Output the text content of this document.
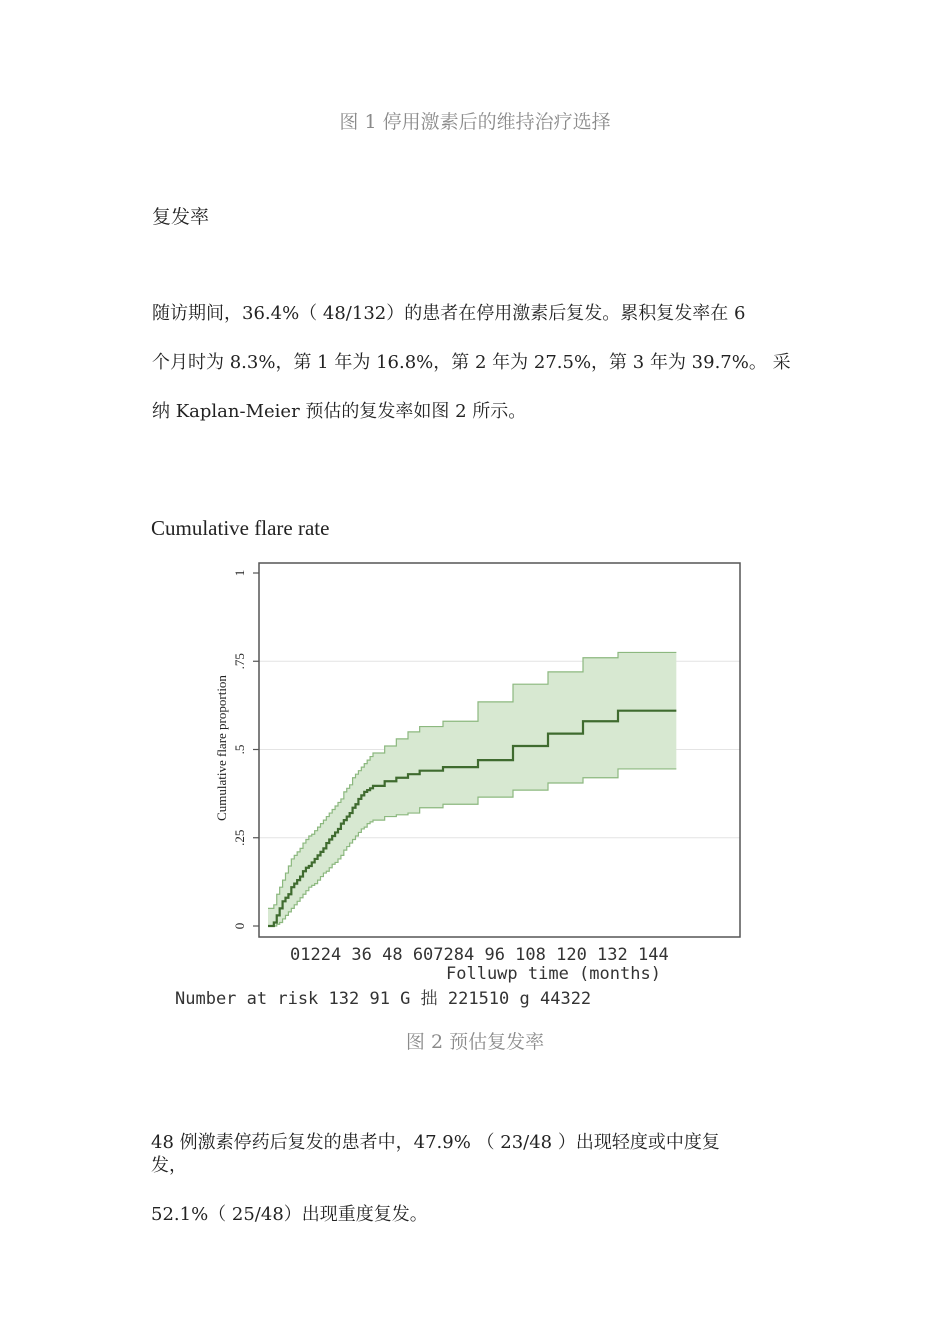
图 1 停用激素后的维持治疗选择
复发率
随访期间，36.4%（ 48/132）的患者在停用激素后复发。累积复发率在 6
个月时为 8.3%，第 1 年为 16.8%，第 2 年为 27.5%，第 3 年为 39.7%。 采
纳 Kaplan-Meier 预估的复发率如图 2 所示。
Cumulative flare rate
0
.25
.5
.75
1
Cumulative flare proportion
01224 36 48 607284 96 108 120 132 144
Folluwp time (months)
Number at risk 132 91 G 拙 221510 g 44322
图 2 预估复发率
48 例激素停药后复发的患者中，47.9% （ 23/48 ）出现轻度或中度复
发，
52.1%（ 25/48）出现重度复发。
